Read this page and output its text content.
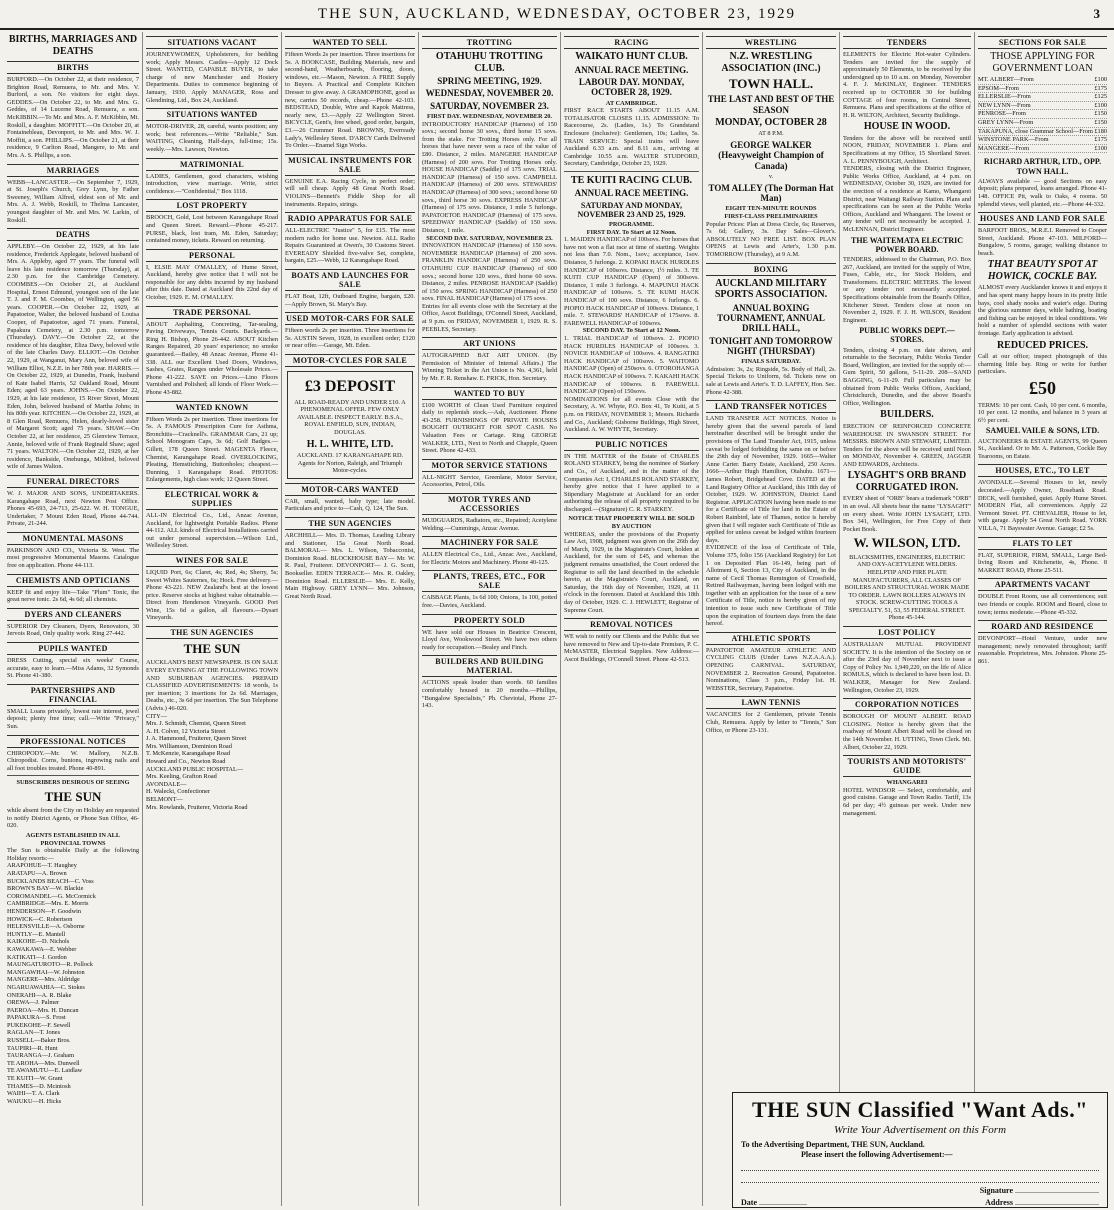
THE SUN, AUCKLAND, WEDNESDAY, OCTOBER 23, 1929	3
BIRTHS, MARRIAGES AND DEATHS
BIRTHS

BURFORD.—On October 22, at their residence, 7 Brighton Road, Remuera, to Mr. and Mrs. V. Burford, a son. No visitors for eight days. GEDDES.—On October 22, to Mr. and Mrs. G. Geddes, of 14 Lucerne Road, Remuera, a son. McKIBBIN.—To Mr. and Mrs. A. F. McKibbin, Mt. Roskill, a daughter. MOFFITT.—On October 20, at Fontainebleau, Devonport, to Mr. and Mrs. W. J. Moffitt, a son. PHILLIPS.—On October 21, at their residence, 9 Carlton Road, Mangere, to Mr. and Mrs. A. S. Phillips, a son.

MARRIAGES

WEBB—LANCASTER.—On September 7, 1929, at St. Joseph's Church, Grey Lynn, by Father Sweeney, William Alfred, eldest son of Mr. and Mrs. A. J. Webb, Roskill, to Thelma Lancaster, youngest daughter of Mr. and Mrs. W. Larkin, of Roskill.

DEATHS

APPLEBY.—On October 22, 1929, at his late residence, Frederick Applegate, beloved husband of Mrs. A. Appleby, aged 77 years. The funeral will leave his late residence tomorrow (Thursday), at 2.30 p.m. for the Cambridge Cemetery. COOMBES.—On October 21, at Auckland Hospital, Ernest Edmund, youngest son of the late T. J. and F. M. Coombes, of Wellington, aged 56 years. COOPER.—On October 22, 1929, at Papatoetoe, Walter, the beloved husband of Louisa Cooper, of Papatoetoe, aged 71 years. Funeral, Papakura Cemetery, at 2.30 p.m. tomorrow (Thursday). DAVY.—On October 22, at the residence of his daughter, Eliza Davy, beloved wife of the late Charles Davy. ELLIOT.—On October 22, 1929, at Wanganui, Mary Ann, beloved wife of William Elliot, N.Z.E. in her 78th year. HARRIS.—On October 22, 1929, at Dunedin, Frank, husband of Kate Isabel Harris, 52 Oakland Road, Mount Eden; aged 63 years. JOHNS.—On October 22, 1929, at his late residence, 15 River Street, Mount Eden, John, beloved husband of Martha Johns; in his 80th year. KITCHEN.—On October 22, 1929, at 8 Glen Road, Remuera, Helen, dearly-loved sister of Margaret Scott; aged 75 years. SHAW.—On October 22, at her residence, 25 Glenview Terrace, Annie, beloved wife of Frank Reginald Shaw; aged 71 years. WALTON.—On October 22, 1929, at her residence, Bankside, Onehunga, Mildred, beloved wife of James Walton.

FUNERAL DIRECTORS

W. J. MAJOR AND SONS, UNDERTAKERS. Karangahape Road, next Newton Post Office. Phones 45-693, 24-713, 25-622. W. H. TONGUE, Undertaker, 7 Mount Eden Road, Phone 44-744. Private, 21-244.

MONUMENTAL MASONS

PARKINSON AND CO., Victoria St. West. The most progressive Monumental Masons. Catalogue free on application. Phone 44-113.

CHEMISTS AND OPTICIANS

KEEP fit and enjoy life—Take "Plum" Tonic, the great nerve tonic. 2s 6d, 4s 6d; all chemists.

DYERS AND CLEANERS

SUPERIOR Dry Cleaners, Dyers, Renovators, 30 Jervois Road, Only quality work. Ring 27-442.

PUPILS WANTED

DRESS Cutting, special six weeks' Course, accurate, easy to learn.—Miss Adams, 32 Symonds St. Phone 41-380.

PARTNERSHIPS AND FINANCIAL

SMALL Loans privately, lowest rate interest, jewel deposit; plenty free time; call.—Write "Privacy," Sun.

PROFESSIONAL NOTICES

CHIROPODY.—Mr. W. Mallory, N.Z.B. Chiropodist. Corns, bunions, ingrowing nails and all foot troubles treated. Phone 40-891.

SUBSCRIBERS DESIROUS OF SEEING
THE SUN

while absent from the City on Holiday are requested to notify District Agents, or Phone Sun Office, 46-020.

AGENTS ESTABLISHED IN ALL PROVINCIAL TOWNS

The Sun is obtainable Daily at the following Holiday resorts:—

ARAPOHUE—T. Haughey
ARATAPU—A. Brown
BUCKLANDS BEACH—C. Voss
BROWN'S BAY—W. Blackie
COROMANDEL—G. McCormick
CAMBRIDGE—Mrs. E. Morris
HENDERSON—F. Goodwin
HOWICK—C. Robertson
HELENSVILLE—A. Osborne
HUNTLY—E. Mantell
KAIKOHE—D. Nichols
KAWAKAWA—E. Webber
KATIKATI—J. Gordon
MAUNGATUROTO—R. Pollock
MANGAWHAI—W. Johnston
MANGERE—Mrs. Aldridge
NGARUAWAHIA—C. Stokes
ONERAHI—A. R. Blake
OREWA—J. Palmer
PAEROA—Mrs. H. Duncan
PAPAKURA—S. Frost
PUKEKOHE—F. Sewell
RAGLAN—T. Jones
RUSSELL—Baker Bros.
TAUPIRI—R. Hunt
TAURANGA—J. Graham
TE AROHA—Mrs. Dunwell
TE AWAMUTU—E. Laidlaw
TE KUITI—W. Grant
THAMES—D. Mcintosh
WAIHI—T. A. Clark
WAIUKU—H. Hicks
SITUATIONS VACANT

JOURNEYWOMEN, Upholsterers, for bedding work; Apply Messrs. Castles—Apply 12 Dock Street. WANTED, CAPABLE BUYER, to take charge of new Manchester and Hosiery Departments. Duties to commence beginning of January, 1930. Apply MANAGER, Ross and Glendining, Ltd., Box 24, Auckland.

SITUATIONS WANTED

MOTOR-DRIVER, 28, careful, wants position; any work; best references.—Write "Reliable," Sun. WAITING, Cleaning, Half-days, full-time; 15s. weekly.—Mrs. Lawson, Newton.

MATRIMONIAL

LADIES, Gentlemen, good characters, wishing introduction, view marriage. Write, strict confidence.—"Confidential," Box 1118.

LOST PROPERTY

BROOCH, Gold, Lost between Karangahape Road and Queen Street. Reward.—Phone 45-217. PURSE, black, lost tram, Mt. Eden, Saturday; contained money, tickets. Reward on returning.

PERSONAL

I, ELSIE MAY O'MALLEY, of Hume Street, Auckland, hereby give notice that I will not be responsible for any debts incurred by my husband after this date. Dated at Auckland this 22nd day of October, 1929. E. M. O'MALLEY.

TRADE PERSONAL

ABOUT Asphalting, Concreting, Tar-sealing, Paving Driveways, Tennis Courts. Backyards.—Ring H. Bishop, Phone 26-442. ABOUT Kitchen Ranges Repaired, 20 years' experience; no smoke guaranteed.—Bailey, 48 Anzac Avenue, Phone 41-338. ALL our Excellent Used Doors, Windows, Sashes, Grates, Ranges under Wholesale Prices.—Phone 41-222. SAVE on Prices.—Lino Floors Varnished and Polished; all kinds of Floor Work.—Phone 43-882.

WANTED KNOWN

Fifteen Words 2s per insertion. Three insertions for 5s. A FAMOUS Prescription Cure for Asthma, Bronchitis—Cracknell's. GRAMMAR Cars, 21 up; School Monogram Caps, 3s 6d; Golf Badges.—Gillett, 178 Queen Street. MAGENTA Fleece, Chemist, Karangahape Road. OVERLOCKING, Pleating, Hemstitching, Buttonholes; cheapest.—Dunning, 1 Karangahape Road. PHOTOS: Enlargements, high class work; 12 Queen Street.

ELECTRICAL WORK & SUPPLIES

ALL-IN Electrical Co., Ltd., Anzac Avenue, Auckland, for lightweight Portable Radios. Phone 44-112. ALL kinds of Electrical Installations carried out under personal supervision.—Wilson Ltd., Wellesley Street.

WINES FOR SALE

LIQUID Port, 6s; Claret, 4s; Red, 4s; Sherry, 5s; Sweet Whites Sauternes, 6s; Hock. Free delivery.—Phone 43-221. NEW Zealand's best at the lowest price. Reserve stocks at highest value obtainable.—Direct from Henderson Vineyards. GOOD Port Wine, 15s 6d a gallon, all flavours.—Dysart Vineyards.

THE SUN AGENCIES
THE SUN

AUCKLAND'S BEST NEWSPAPER. IS ON SALE EVERY EVENING AT THE FOLLOWING TOWN AND SUBURBAN AGENCIES. PREPAID CLASSIFIED ADVERTISEMENTS: 18 words, 1s per insertion; 3 insertions for 2s 6d. Marriages, Deaths, etc., 3s 6d per insertion. The Sun Telephone (Advts.) 46-020.

CITY—
Mrs. J. Schmidt, Chemist, Queen Street
A. H. Colver, 12 Victoria Street
J. A. Hammond, Fruiterer, Queen Street
Mrs. Williamson, Dominion Road
T. McKenzie, Karangahape Road
Howard and Co., Newton Road
AUCKLAND PUBLIC HOSPITAL—
Mrs. Keeling, Grafton Road
AVONDALE—
H. Walecki, Confectioner
BELMONT—
Mrs. Rowlands, Fruiterer, Victoria Road
WANTED TO SELL

Fifteen Words 2s per insertion. Three insertions for 5s. A BOOKCASE, Building Materials, new and second-hand, Weatherboards, flooring, doors, windows, etc.—Mason, Newton. A FREE Supply to Buyers. A Practical and Complete Kitchen Dresser to give away. A GRAMOPHONE, good as new, carries 50 records, cheap.—Phone 42-103. BEDSTEAD, Double, Wire and Kapok Mattress, nearly new, £3.—Apply 22 Wellington Street. BICYCLE, Gent's, free wheel, good order, bargain, £3.—26 Crummer Road. BROWNS, Everready Lady's, Wellesley Street. D'ARCY Cards Delivered To Order.—Enamel Sign Works.

MUSICAL INSTRUMENTS FOR SALE

GENUINE E.A. Racing Cycle, in perfect order; will sell cheap. Apply 48 Great North Road. VIOLINS—Bennett's Fiddle Shop for all instruments. Repairs, strings.

RADIO APPARATUS FOR SALE

ALL-ELECTRIC "Justice" 5, for £15. The most modern radio for home use. Newton. ALL Radio Repairs Guaranteed at Owen's, 30 Customs Street. EVEREADY Shielded five-valve Set, complete, bargain, £25.—Webb, 12 Karangahape Road.

BOATS AND LAUNCHES FOR SALE

FLAT Boat, 12ft, Outboard Engine, bargain, £20.—Apply Brown, St. Mary's Bay.

USED MOTOR-CARS FOR SALE

Fifteen words 2s per insertion. Three insertions for 5s. AUSTIN Seven, 1928, in excellent order; £120 or near offer.—Garage, Mt. Eden.

MOTOR-CYCLES FOR SALE
£3 DEPOSIT

ALL ROAD-READY AND UNDER £10. A PHENOMENAL OFFER. FEW ONLY AVAILABLE. INSPECT EARLY. B.S.A., ROYAL ENFIELD, SUN, INDIAN, DOUGLAS.

H. L. WHITE, LTD.

AUCKLAND. 17 KARANGAHAPE RD. Agents for Norton, Raleigh, and Triumph Motor-cycles.

MOTOR-CARS WANTED

CAR, small, wanted, baby type; late model. Particulars and price to—Cash, Q. 124, The Sun.

THE SUN AGENCIES

ARCHHILL— Mrs. D. Thomas, Leading Library and Stationer, 15a Great North Road. BALMORAL— Mrs. L. Wilson, Tobacconist, Dominion Road. BLOCKHOUSE BAY— Mr. W. R. Paul, Fruiterer. DEVONPORT— J. G. Scott, Bookseller. EDEN TERRACE— Mrs. R. Oakley, Dominion Road. ELLERSLIE— Mrs. E. Kelly, Main Highway. GREY LYNN— Mrs. Johnson, Great North Road.

TROTTING
OTAHUHU TROTTING CLUB.
SPRING MEETING, 1929.
WEDNESDAY, NOVEMBER 20.
SATURDAY, NOVEMBER 23.
FIRST DAY. WEDNESDAY, NOVEMBER 20.

INTRODUCTORY HANDICAP (Harness) of 150 sovs.; second horse 30 sovs., third horse 15 sovs. from the stake. For Trotting Horses only. For all horses that have never won a race of the value of £80. Distance, 2 miles. MANGERE HANDICAP (Harness) of 200 sovs. For Trotting Horses only. HOUSE HANDICAP (Saddle) of 175 sovs. TRIAL HANDICAP (Harness) of 150 sovs. CAMPBELL HANDICAP (Harness) of 200 sovs. STEWARDS' HANDICAP (Harness) of 300 sovs.; second horse 60 sovs., third horse 30 sovs. EXPRESS HANDICAP (Harness) of 175 sovs. Distance, 1 mile 5 furlongs. PAPATOETOE HANDICAP (Harness) of 175 sovs. SPEEDWAY HANDICAP (Saddle) of 150 sovs. Distance, 1 mile.

SECOND DAY. SATURDAY, NOVEMBER 23.

INNOVATION HANDICAP (Harness) of 150 sovs. NOVEMBER HANDICAP (Harness) of 200 sovs. FRANKLIN HANDICAP (Harness) of 250 sovs. OTAHUHU CUP HANDICAP (Harness) of 600 sovs.; second horse 120 sovs., third horse 60 sovs. Distance, 2 miles. PENROSE HANDICAP (Saddle) of 150 sovs. SPRING HANDICAP (Harness) of 250 sovs. FINAL HANDICAP (Harness) of 175 sovs.

Entries for all events close with the Secretary at the Office, Ascot Buildings, O'Connell Street, Auckland, at 9 p.m. on FRIDAY, NOVEMBER 1, 1929. R. S. PEEBLES, Secretary.

ART UNIONS

AUTOGRAPHED BAT ART UNION. (By Permission of Minister of Internal Affairs.) The Winning Ticket in the Art Union is No. 4,361, held by Mr. F. R. Renshaw. E. FRICK, Hon. Secretary.

WANTED TO BUY

£100 WORTH of Clean Used Furniture required daily to replenish stock.—Ash, Auctioneer. Phone 43-258. FURNISHINGS OF PRIVATE HOUSES BOUGHT OUTRIGHT FOR SPOT CASH. No Valuation Fees or Cartage. Ring GEORGE WALKER, LTD., Next to North and Chapple, Queen Street. Phone 42-433.

MOTOR SERVICE STATIONS

ALL-NIGHT Service, Greenlane, Motor Service, Accessories, Petrol, Oils.

MOTOR TYRES AND ACCESSORIES

MUDGUARDS, Radiators, etc., Repaired; Acetylene Welding.—Cummings, Anzac Avenue.

MACHINERY FOR SALE

ALLEN Electrical Co., Ltd., Anzac Ave., Auckland, for Electric Motors and Machinery. Phone 40-125.

PLANTS, TREES, ETC., FOR SALE

CABBAGE Plants, 1s 6d 100; Onions, 1s 100, potted free.—Davies, Auckland.

PROPERTY SOLD

WE have sold our Houses in Beatrice Crescent, Lloyd Ave, Wookwood Street. We have two others ready for occupation.—Bealey and Finch.

BUILDERS AND BUILDING MATERIAL

ACTIONS speak louder than words. 60 families comfortably housed in 20 months.—Phillips, "Bungalow Specialists," Ph. Cheviotal, Phone 27-143.

RACING
WAIKATO HUNT CLUB.
ANNUAL RACE MEETING.
LABOUR DAY. MONDAY, OCTOBER 28, 1929.
AT CAMBRIDGE.

FIRST RACE STARTS ABOUT 11.15 A.M. TOTALISATOR CLOSES 11.15. ADMISSION: To Racecourse, 2s. (Ladies, 1s.) To Grandstand Enclosure (inclusive): Gentlemen, 10s; Ladies, 5s. TRAIN SERVICE: Special trains will leave Auckland 6.33 a.m. and 8.11 a.m., arriving at Cambridge 10.55 a.m. WALTER STUDFORD, Secretary, Cambridge, October 23, 1929.

TE KUITI RACING CLUB.
ANNUAL RACE MEETING.
SATURDAY AND MONDAY, NOVEMBER 23 AND 25, 1929.
PROGRAMME.
FIRST DAY. To Start at 12 Noon.

1. MAIDEN HANDICAP of 100sovs. For horses that have not won a flat race at time of starting. Weights not less than 7.0. Nom., 1sov.; acceptance, 1sov. Distance, 5 furlongs. 2. KOPAKI HACK HURDLES HANDICAP of 100sovs. Distance, 1½ miles. 3. TE KUITI CUP HANDICAP (Open) of 300sovs. Distance, 1 mile 3 furlongs. 4. MAPUNUI HACK HANDICAP of 100sovs. 5. TE KUMI HACK HANDICAP of 100 sovs. Distance, 6 furlongs. 6. PIOPIO HACK HANDICAP of 100sovs. Distance, 1 mile. 7. STEWARDS' HANDICAP of 175sovs. 8. FAREWELL HANDICAP of 100sovs.

SECOND DAY. To Start at 12 Noon.

1. TRIAL HANDICAP of 100sovs. 2. PIOPIO HACK HURDLES HANDICAP of 100sovs. 3. NOVICE HANDICAP of 100sovs. 4. RANGATIKI HACK HANDICAP of 100sovs. 5. WAITOMO HANDICAP (Open) of 250sovs. 6. OTOROHANGA HACK HANDICAP of 100sovs. 7. KAKAHI HACK HANDICAP of 100sovs. 8. FAREWELL HANDICAP (Open) of 150sovs.

NOMINATIONS for all events Close with the Secretary, A. W. Whyte, P.O. Box 41, Te Kuiti, at 5 p.m. on FRIDAY, NOVEMBER 1; Messrs. Richards and Co., Auckland; Gisborne Buildings, High Street, Auckland. A. W. WHYTE, Secretary.

PUBLIC NOTICES

IN THE MATTER of the Estate of CHARLES ROLAND STARKEY, being the nominee of Starkey and Co., of Auckland, and in the matter of the Companies Act: I, CHARLES ROLAND STARKEY, hereby give notice that I have applied to a Stipendiary Magistrate at Auckland for an order authorising the release of all property required to be discharged.—(Signature) C. R. STARKEY.

NOTICE THAT PROPERTY WILL BE SOLD BY AUCTION

WHEREAS, under the provisions of the Property Law Act, 1908, judgment was given on the 26th day of March, 1929, in the Magistrate's Court, holden at Auckland, for the sum of £45, and whereas the judgment remains unsatisfied, the Court ordered the Registrar to sell the land described in the schedule hereto, at the Magistrate's Court, Auckland, on Saturday, the 16th day of November, 1929, at 11 o'clock in the forenoon. Dated at Auckland this 18th day of October, 1929. C. J. HEWLETT, Registrar of Supreme Court.

REMOVAL NOTICES

WE wish to notify our Clients and the Public that we have removed to New and Up-to-date Premises, P. C. McMASTER, Electrical Supplies. New Address:— Ascot Buildings, O'Connell Street. Phone 42-513.

WRESTLING
N.Z. WRESTLING ASSOCIATION (INC.)
TOWN HALL.
THE LAST AND BEST OF THE SEASON
MONDAY, OCTOBER 28
AT 8 P.M.
GEORGE WALKER (Heavyweight Champion of Canada)
v.
TOM ALLEY (The Dorman Hat Man)
EIGHT TEN-MINUTE ROUNDS
FIRST-CLASS PRELIMINARIES

Popular Prices: Plan at Dress Circle, 6s; Reserves, 7s 6d; Gallery, 3s. Day Sales—Glover's. ABSOLUTELY NO FREE LIST. BOX PLAN OPENS at Lewis and Arter's, 1.30 p.m. TOMORROW (Thursday), at 9 A.M.

BOXING
AUCKLAND MILITARY SPORTS ASSOCIATION.
ANNUAL BOXING TOURNAMENT, ANNUAL DRILL HALL,
TONIGHT AND TOMORROW NIGHT (THURSDAY)
FINALS SATURDAY.

Admission: 3s, 2s; Ringside, 5s. Body of Hall, 2s. Special Tickets to Uniform, 6d. Tickets now on sale at Lewis and Arter's. T. D. LAFFEY, Hon. Sec. Phone 42-388.

LAND TRANSFER NOTICES

LAND TRANSFER ACT NOTICES. Notice is hereby given that the several parcels of land hereinafter described will be brought under the provisions of The Land Transfer Act, 1915, unless caveat be lodged forbidding the same on or before the 29th day of November, 1929. 1665—Walter Anne Carter. Barry Estate, Auckland, 250 Acres. 1666—Arthur Hugh Hamilton, Otahuhu. 1671—James Robert, Bridgehead Cove. DATED at the Land Registry Office at Auckland, this 18th day of October, 1929. W. JOHNSTON, District Land Registrar. APPLICATION having been made to me for a Certificate of Title for land in the Estate of Robert Rainbird, late of Thames, notice is hereby given that I will register such Certificate of Title as applied for unless caveat be lodged within fourteen days.

EVIDENCE of the loss of Certificate of Title, Volume 375, folio 156 (Auckland Registry) for Lot 1 on Deposited Plan 16-149, being part of Allotment 6, Section 13, City of Auckland, in the name of Cecil Thomas Remington of Crossfield, Retired Railwayman, having been lodged with me together with an application for the issue of a new Certificate of Title, notice is hereby given of my intention to issue such new Certificate of Title upon the expiration of fourteen days from the date hereof.

ATHLETIC SPORTS

PAPATOETOE AMATEUR ATHLETIC AND CYCLING CLUB (Under Laws N.Z.A.A.A.). OPENING CARNIVAL. SATURDAY, NOVEMBER 2. Recreation Ground, Papatoetoe. Nominations, Class 3 p.m., Friday 1st. H. WEBSTER, Secretary, Papatoetoe.

LAWN TENNIS

VACANCIES for 2 Gentlemen, private Tennis Club, Remuera. Apply by letter to "Tennis," Sun Office, or Phone 23-131.

TENDERS

ELEMENTS for Electric Hot-water Cylinders. Tenders are invited for the supply of approximately 50 Elements, to be received by the undersigned up to 10 a.m. on Monday, November 4. F. J. McKINLAY, Engineer. TENDERS received up to OCTOBER 30 for building COTTAGE of four rooms, in Central Street, Remuera. Plans and specifications at the office of H. R. WILTON, Architect, Security Buildings.

HOUSE IN WOOD.

Tenders for the above will be received until NOON, FRIDAY, NOVEMBER 1. Plans and Specifications at my Office, 15 Shortland Street. A. L. PENNYBOUGH, Architect.

TENDERS, closing with the District Engineer, Public Works Office, Auckland, at 4 p.m. on WEDNESDAY, October 30, 1929, are invited for the erection of a residence at Kamo, Whangarei District, near Waitangi Railway Station. Plans and specifications can be seen at the Public Works Offices, Auckland and Whangarei. The lowest or any tender will not necessarily be accepted. J. McLENNAN, District Engineer.

THE WAITEMATA ELECTRIC POWER BOARD.

TENDERS, addressed to the Chairman, P.O. Box 267, Auckland, are invited for the supply of Wire, Fuses, Cable, etc., for Stock Holders, and Transformers. ELECTRIC METERS. The lowest or any tender not necessarily accepted. Specifications obtainable from the Board's Office, Kitchener Street. Tenders close at noon on November 2, 1929. F. J. H. WILSON, Resident Engineer.

PUBLIC WORKS DEPT.—STORES.

Tenders, closing 4 p.m. on date shown, and returnable to the Secretary, Public Works Tender Board, Wellington, are invited for the supply of:— Gum Spirit, 50 gallons, 5-11-29. 208—SAND BAGGING, 6-11-29. Full particulars may be obtained from Public Works Offices, Auckland, Christchurch, Dunedin, and the above Board's Office, Wellington.

BUILDERS.

ERECTION OF REINFORCED CONCRETE WAREHOUSE IN SWANSON STREET. For MESSRS. BROWN AND STEWART, LIMITED. Tenders for the above will be received until Noon on MONDAY, November 4. GREEN, JAGGER AND EDWARDS, Architects.

LYSAGHT'S ORB BRAND CORRUGATED IRON.

EVERY sheet of "ORB" bears a trademark "ORB" in an oval. All sheets bear the name "LYSAGHT" on every sheet. Write JOHN LYSAGHT, LTD. Box 341, Wellington, for Free Copy of their Pocket Book.

W. WILSON, LTD.

BLACKSMITHS, ENGINEERS, ELECTRIC AND OXY-ACETYLENE WELDERS. HEELPTIP AND FIRE PLATE MANUFACTURERS, ALL CLASSES OF BOILERS AND STRUCTURAL WORK MADE TO ORDER. LAWN ROLLERS ALWAYS IN STOCK. SCREW-CUTTING TOOLS A SPECIALTY. 51, 53, 55 FEDERAL STREET. Phone 45-144.

LOST POLICY

AUSTRALIAN MUTUAL PROVIDENT SOCIETY. It is the intention of the Society on or after the 23rd day of November next to issue a Copy of Policy No. 1,949,220, on the life of Alice ROMULS, which is declared to have been lost. D. WALKER, Manager for New Zealand. Wellington, October 23, 1929.

CORPORATION NOTICES

BOROUGH OF MOUNT ALBERT. ROAD CLOSING. Notice is hereby given that the roadway of Mount Albert Road will be closed on the 14th November. H. UTTING, Town Clerk. Mt. Albert, October 22, 1929.

TOURISTS AND MOTORISTS' GUIDE
WHANGAREI

HOTEL WINDSOR — Select, comfortable, and good cuisine. Garage and Town Radio. Tariff, 13s 6d per day; 4½ guineas per week. Under new management.

SECTIONS FOR SALE
THOSE APPLYING FOR GOVERNMENT LOAN
MT. ALBERT—From	£100
EPSOM—From	£175
ELLERSLIE—From	£125
NEW LYNN—From	£100
PENROSE—From	£150
GREY LYNN—From	£150
TAKAPUNA, close Grammar School—From £180
WINSTONE PARK—From	£175
MANGERE—From	£100
RICHARD ARTHUR, LTD., OPP. TOWN HALL.

ALWAYS available — good Sections on easy deposit; plans prepared, loans arranged. Phone 41-148. OFFICE Pit, walk to Oaks, 4 rooms. 50 splendid views, well planted, etc.—Phone 44-332.

HOUSES AND LAND FOR SALE

BARFOOT BROS., M.R.E.I. Removed to Cooper Street, Auckland. Phone 47-103. MILFORD—Bungalow, 5 rooms, garage; walking distance to beach.

THAT BEAUTY SPOT AT HOWICK, COCKLE BAY.

ALMOST every Aucklander knows it and enjoys it and has spent many happy hours in its pretty little bays, cool shady nooks and water's edge. During the glorious summer days, while bathing, boating and fishing can be enjoyed in ideal conditions. We hold a number of splendid sections with water frontage. Early application is advised.

REDUCED PRICES.

Call at our office; inspect photograph of this charming little bay. Ring or write for further particulars.

£50

TERMS: 10 per cent. Cash, 10 per cent. 6 months, 10 per cent. 12 months, and balance in 3 years at 6½ per cent.

SAMUEL VAILE & SONS, LTD.

AUCTIONEERS & ESTATE AGENTS, 99 Queen St., Auckland. Or to Mr. A. Patterson, Cockle Bay Tearooms, on Estate.

HOUSES, ETC., TO LET

AVONDALE.—Several Houses to let, newly decorated.—Apply Owner, Rosebank Road. DECK, well furnished, quiet. Apply Hume Street. MODERN Flat, all conveniences. Apply 22 Vermont Street. PT. CHEVALIER, House to let, with garage. Apply 54 Great North Road. YORK VILLA, 71 Bayswater Avenue. Garage; £2 5s.

FLATS TO LET

FLAT, SUPERIOR, FIRM, SMALL, Large Bed-living Room and Kitchenette, 4s, Phone. 8 MARKET ROAD, Phone 25-511.

APARTMENTS VACANT

DOUBLE Front Room, use all conveniences; suit two friends or couple. ROOM and Board, close to town; terms moderate.—Phone 45-332.

ROARD AND RESIDENCE

DEVONPORT—Hotel Venture, under new management; newly renovated throughout; tariff reasonable. Proprietress, Mrs. Johnston. Phone 25-861.

THE SUN Classified "Want Ads."
Write Your Advertisement on this Form
To the Advertising Department, THE SUN, Auckland.
Please insert the following Advertisement:—
Signature ..........................................
Date ........................	Address ..........................................
